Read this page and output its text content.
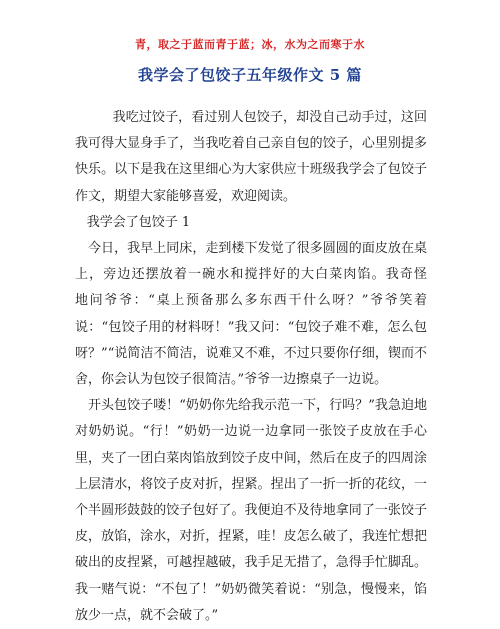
青，取之于蓝而青于蓝；冰，水为之而寒于水
我学会了包饺子五年级作文 5 篇

我吃过饺子，看过别人包饺子，却没自己动手过，这回我可得大显身手了，当我吃着自己亲自包的饺子，心里别提多快乐。以下是我在这里细心为大家供应十班级我学会了包饺子作文，期望大家能够喜爱，欢迎阅读。

我学会了包饺子 1

今日，我早上同床，走到楼下发觉了很多圆圆的面皮放在桌上，旁边还摆放着一碗水和搅拌好的大白菜肉馅。我奇怪　 地问爷爷：“桌上预备那么多东西干什么呀？”爷爷笑着说：“包饺子用的材料呀！”我又问：“包饺子难不难，怎么包呀？”“说简洁不简洁，说难又不难，不过只要你仔细，锲而不舍，你会认为包饺子很简洁。”爷爷一边擦桌子一边说。

开头包饺子喽！“奶奶你先给我示范一下，行吗？”我急迫地对奶奶说。“行！”奶奶一边说一边拿同一张饺子皮放在手心里，夹了一团白菜肉馅放到饺子皮中间，然后在皮子的四周涂上层清水，将饺子皮对折，捏紧。捏出了一折一折的花纹，一个半圆形鼓鼓的饺子包好了。我便迫不及待地拿同了一张饺子皮，放馅，涂水，对折，捏紧，哇！皮怎么破了，我连忙想把破出的皮捏紧，可越捏越破，我手足无措了，急得手忙脚乱。我一赌气说：“不包了！”奶奶微笑着说：“别急，慢慢来，馅放少一点，就不会破了。”
